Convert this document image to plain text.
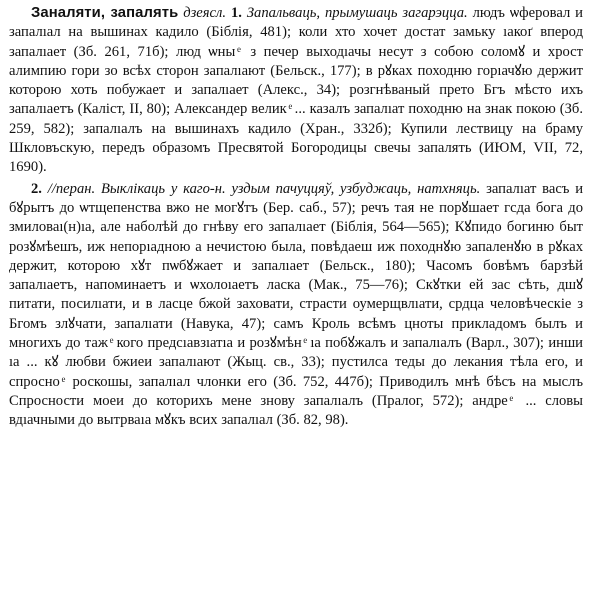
Заналяти, запалять дзеясл. 1. Запальваць, прымушаць загарэцца. людъ ѡферовал и запалıал на вышинах кадило (Біблія, 481); коли хто хочет достат замьку ıакоґ вперод запалıает (Зб. 261, 71б); люд ѡны ͤ з печер выходıачы несут з собою соломꙋ и хрост алимпию гори зо всѣх сторон запалıают (Бельск., 177); в рꙋках походню горıачꙋю держит которою хоть побужает и запалıает (Алекс., 34); розгнѣваный прето Бгъ мѣсто ихъ запалıаетъ (Каліст, II, 80); Александер велик ͤ ... казалъ запалıат походню на знак покою (Зб. 259, 582); запалıалъ на вышинахъ кадило (Хран., 332б); Купили лествицу на браму Шкловъскую, передъ образомъ Пресвятой Богородицы свечы запалять (ИЮМ, VII, 72, 1690).

2. //перан. Выклікаць у каго-н. уздым пачуццяў, узбуджаць, натхняць. запалıат васъ и бꙋрытъ до ѡтщепенства вжо не могꙋтъ (Бер. саб., 57); речъ тая не порꙋшает гсда бога до змиловаı(н)ıа, але наболѣй до гнѣву его запалıает (Біблія, 564—565); Кꙋпидо богиню быт розꙋмѣешъ, иж непорıадною а нечистою была, повѣдаеш иж походнꙋю запаленꙋю в рꙋках держит, которою хꙋт пѡбꙋжает и запалıает (Бельск., 180); Часомъ бовѣмъ барзѣй запалıаетъ, напоминаетъ и ѡхолоıаетъ ласка (Мак., 75—76); Скꙋтки ей зас сѣть, дшꙋ питати, посилıати, и в ласце бжой заховати, страсти оумерщвлıати, срдца человѣческіе з Бгомъ злꙋчати, запалıати (Навука, 47); самъ Кроль всѣмъ цноты прикладомъ былъ и многихъ до таж ͤ кого предсıавзıатıа и розꙋмѣн ͤ ıа побꙋжалъ и запалıалъ (Варл., 307); инши ıа ... кꙋ любви бжиеи запалıают (Жыц. св., 33); пустилса теды до лекания тѣла его, и спросно ͤ роскошы, запалıал члонки его (Зб. 752, 447б); Приводилъ мнѣ бѣсъ на мыслъ Спросности моеи до которихъ мене знову запалıалъ (Пралог, 572); андре ͤ ... словы вдıачными до вытрваıа мꙋкъ всих запалıал (Зб. 82, 98).
